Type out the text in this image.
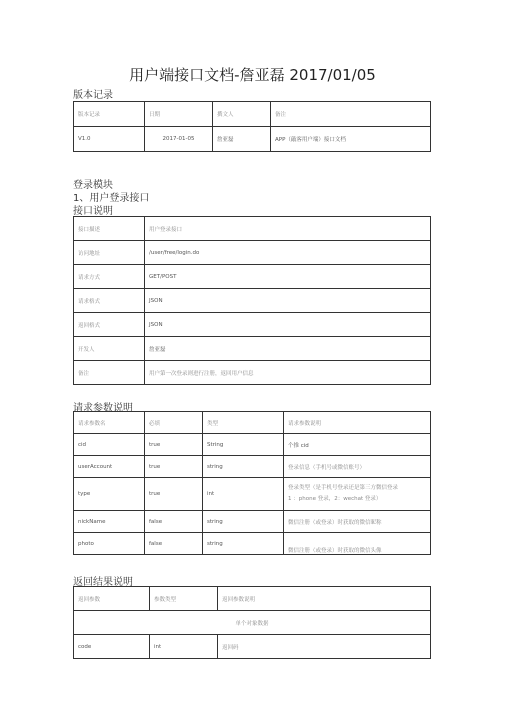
用户端接口文档-詹亚磊 2017/01/05
版本记录
版本记录	日期	撰文人	备注
V1.0	2017-01-05	詹亚磊	APP（敲客用户端）接口文档
登录模块
1、用户登录接口
接口说明
接口描述	用户登录接口
访问地址	/user/free/login.do
请求方式	GET/POST
请求格式	JSON
返回格式	JSON
开发人	詹亚磊
备注	用户第一次登录则进行注册，返回用户信息
请求参数说明
请求参数名	必填	类型	请求参数说明
cid	true	String	个推 cid
userAccount	true	string	登录信息（手机号或微信账号）
type	true	int	登录类型（是手机号登录还是第三方微信登录
1 ：phone 登录，2：wechat 登录）

nickName	false	string	微信注册（或登录）时获取的微信昵称
photo	false	string	微信注册（或登录）时获取的微信头像
返回结果说明
返回参数	参数类型	返回参数说明
单个对象数据		
code	int	返回码
